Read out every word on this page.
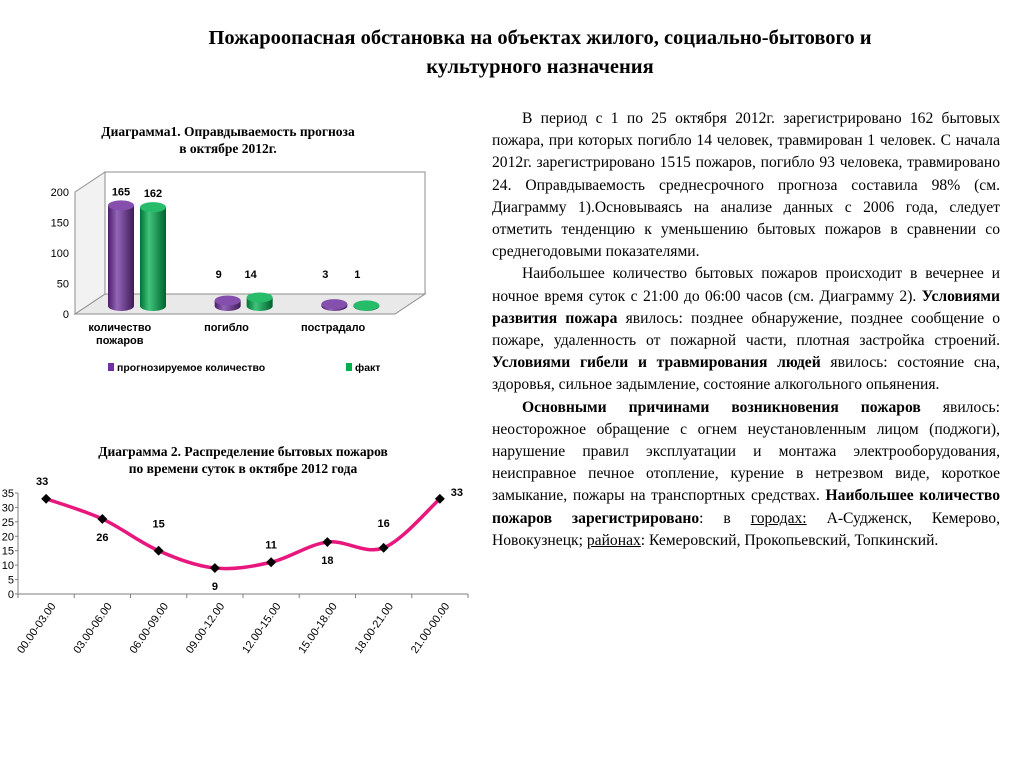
Пожароопасная обстановка на объектах жилого, социально-бытового и
культурного назначения
Диаграмма1. Оправдываемость прогноза
в октябре 2012г.
200
150
100
50
0
165 162
количество пожаров
9 14
погибло
3 1
пострадало
прогнозируемое количество	факт
Диаграмма 2. Распределение бытовых пожаров
по времени суток в октябре 2012 года
35
30
25
20
15
10
5
0
33
26
15
9
11
18
16
33
00.00-03.00 03.00-06.00 06.00-09.00 09.00-12.00 12.00-15.00 15.00-18.00 18.00-21.00 21.00-00.00

В период с 1 по 25 октября 2012г. зарегистрировано 162 бытовых пожара, при которых погибло 14 человек, травмирован 1 человек. С начала 2012г. зарегистрировано 1515 пожаров, погибло 93 человека, травмировано 24. Оправдываемость среднесрочного прогноза составила 98% (см. Диаграмму 1).Основываясь на анализе данных с 2006 года, следует отметить тенденцию к уменьшению бытовых пожаров в сравнении со среднегодовыми показателями.

Наибольшее количество бытовых пожаров происходит в вечернее и ночное время суток с 21:00 до 06:00 часов (см. Диаграмму 2). Условиями развития пожара явилось: позднее обнаружение, позднее сообщение о пожаре, удаленность от пожарной части, плотная застройка строений. Условиями гибели и травмирования людей явилось: состояние сна, здоровья, сильное задымление, состояние алкогольного опьянения.

Основными причинами возникновения пожаров явилось: неосторожное обращение с огнем неустановленным лицом (поджоги), нарушение правил эксплуатации и монтажа электрооборудования, неисправное печное отопление, курение в нетрезвом виде, короткое замыкание, пожары на транспортных средствах. Наибольшее количество пожаров зарегистрировано: в городах: А-Судженск, Кемерово, Новокузнецк; районах: Кемеровский, Прокопьевский, Топкинский.
